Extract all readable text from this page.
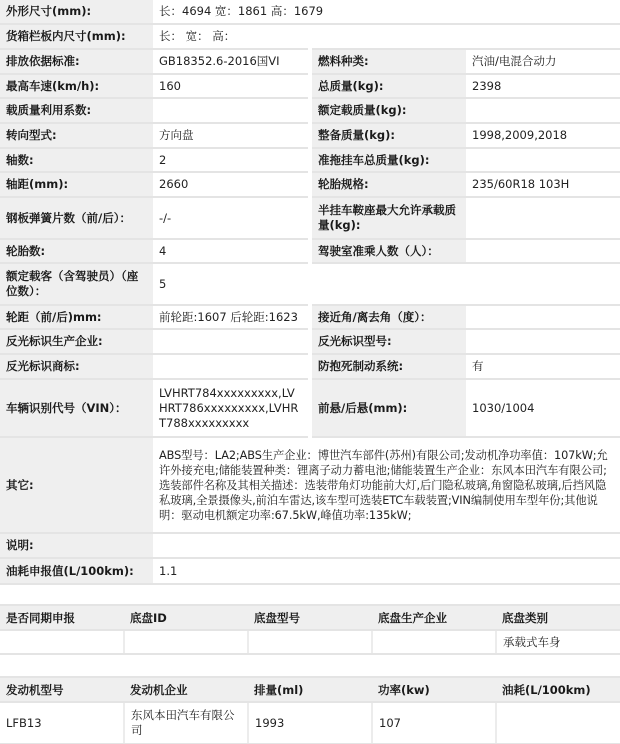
外形尺寸(mm):	长：4694 宽：1861 高：1679		
货箱栏板内尺寸(mm):	长： 宽： 高：		
排放依据标准:	GB18352.6-2016国VI	燃料种类:	汽油/电混合动力
最高车速(km/h):	160	总质量(kg):	2398
载质量利用系数:		额定载质量(kg):	
转向型式:	方向盘	整备质量(kg):	1998,2009,2018
轴数:	2	准拖挂车总质量(kg):	
轴距(mm):	2660	轮胎规格:	235/60R18 103H
钢板弹簧片数（前/后）：	-/-	半挂车鞍座最大允许承载质量(kg):	
轮胎数:	4	驾驶室准乘人数（人）：	
额定载客（含驾驶员）（座位数）：	5		
轮距（前/后)mm:	前轮距:1607 后轮距:1623	接近角/离去角（度）：	
反光标识生产企业:		反光标识型号:	
反光标识商标:		防抱死制动系统:	有
车辆识别代号（VIN）：	LVHRT784xxxxxxxxx,LVHRT786xxxxxxxxx,LVHRT788xxxxxxxxx	前悬/后悬(mm):	1030/1004
其它:	ABS型号：LA2;ABS生产企业：博世汽车部件(苏州)有限公司;发动机净功率值：107kW;允许外接充电;储能装置种类：锂离子动力蓄电池;储能装置生产企业：东风本田汽车有限公司;选装部件名称及其相关描述：选装带角灯功能前大灯,后门隐私玻璃,角窗隐私玻璃,后挡风隐私玻璃,全景摄像头,前泊车雷达,该车型可选装ETC车载装置;VIN编制使用车型年份;其他说明：驱动电机额定功率:67.5kW,峰值功率:135kW;		
说明:			
油耗申报值(L/100km):	1.1		
是否同期申报	底盘ID	底盘型号	底盘生产企业	底盘类别
				承载式车身
发动机型号	发动机企业	排量(ml)	功率(kw)	油耗(L/100km)
LFB13	东风本田汽车有限公司	1993	107	
